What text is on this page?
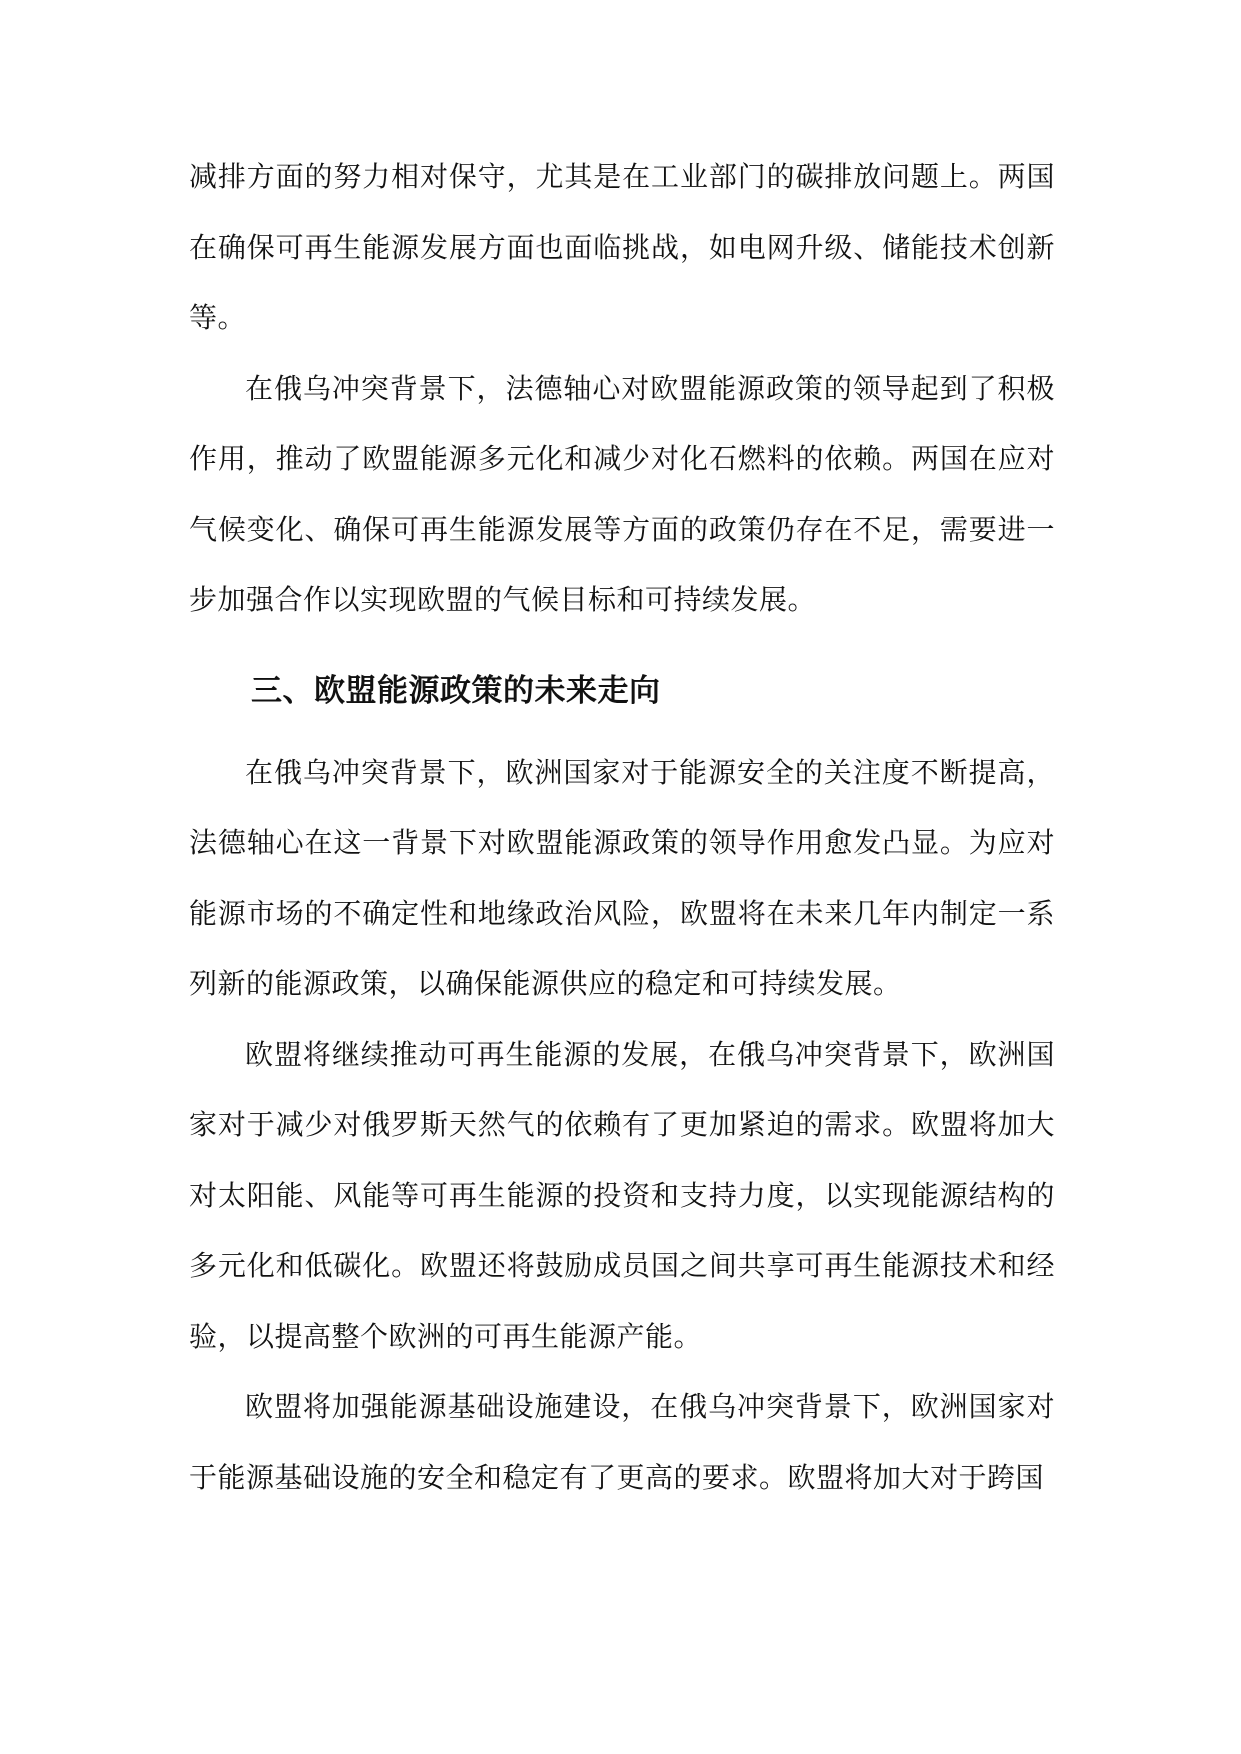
减排方面的努力相对保守，尤其是在工业部门的碳排放问题上。两国在确保可再生能源发展方面也面临挑战，如电网升级、储能技术创新等。

在俄乌冲突背景下，法德轴心对欧盟能源政策的领导起到了积极作用，推动了欧盟能源多元化和减少对化石燃料的依赖。两国在应对气候变化、确保可再生能源发展等方面的政策仍存在不足，需要进一步加强合作以实现欧盟的气候目标和可持续发展。

三、欧盟能源政策的未来走向

在俄乌冲突背景下，欧洲国家对于能源安全的关注度不断提高，法德轴心在这一背景下对欧盟能源政策的领导作用愈发凸显。为应对能源市场的不确定性和地缘政治风险，欧盟将在未来几年内制定一系列新的能源政策，以确保能源供应的稳定和可持续发展。

欧盟将继续推动可再生能源的发展，在俄乌冲突背景下，欧洲国家对于减少对俄罗斯天然气的依赖有了更加紧迫的需求。欧盟将加大对太阳能、风能等可再生能源的投资和支持力度，以实现能源结构的多元化和低碳化。欧盟还将鼓励成员国之间共享可再生能源技术和经验，以提高整个欧洲的可再生能源产能。

欧盟将加强能源基础设施建设，在俄乌冲突背景下，欧洲国家对于能源基础设施的安全和稳定有了更高的要求。欧盟将加大对于跨国
